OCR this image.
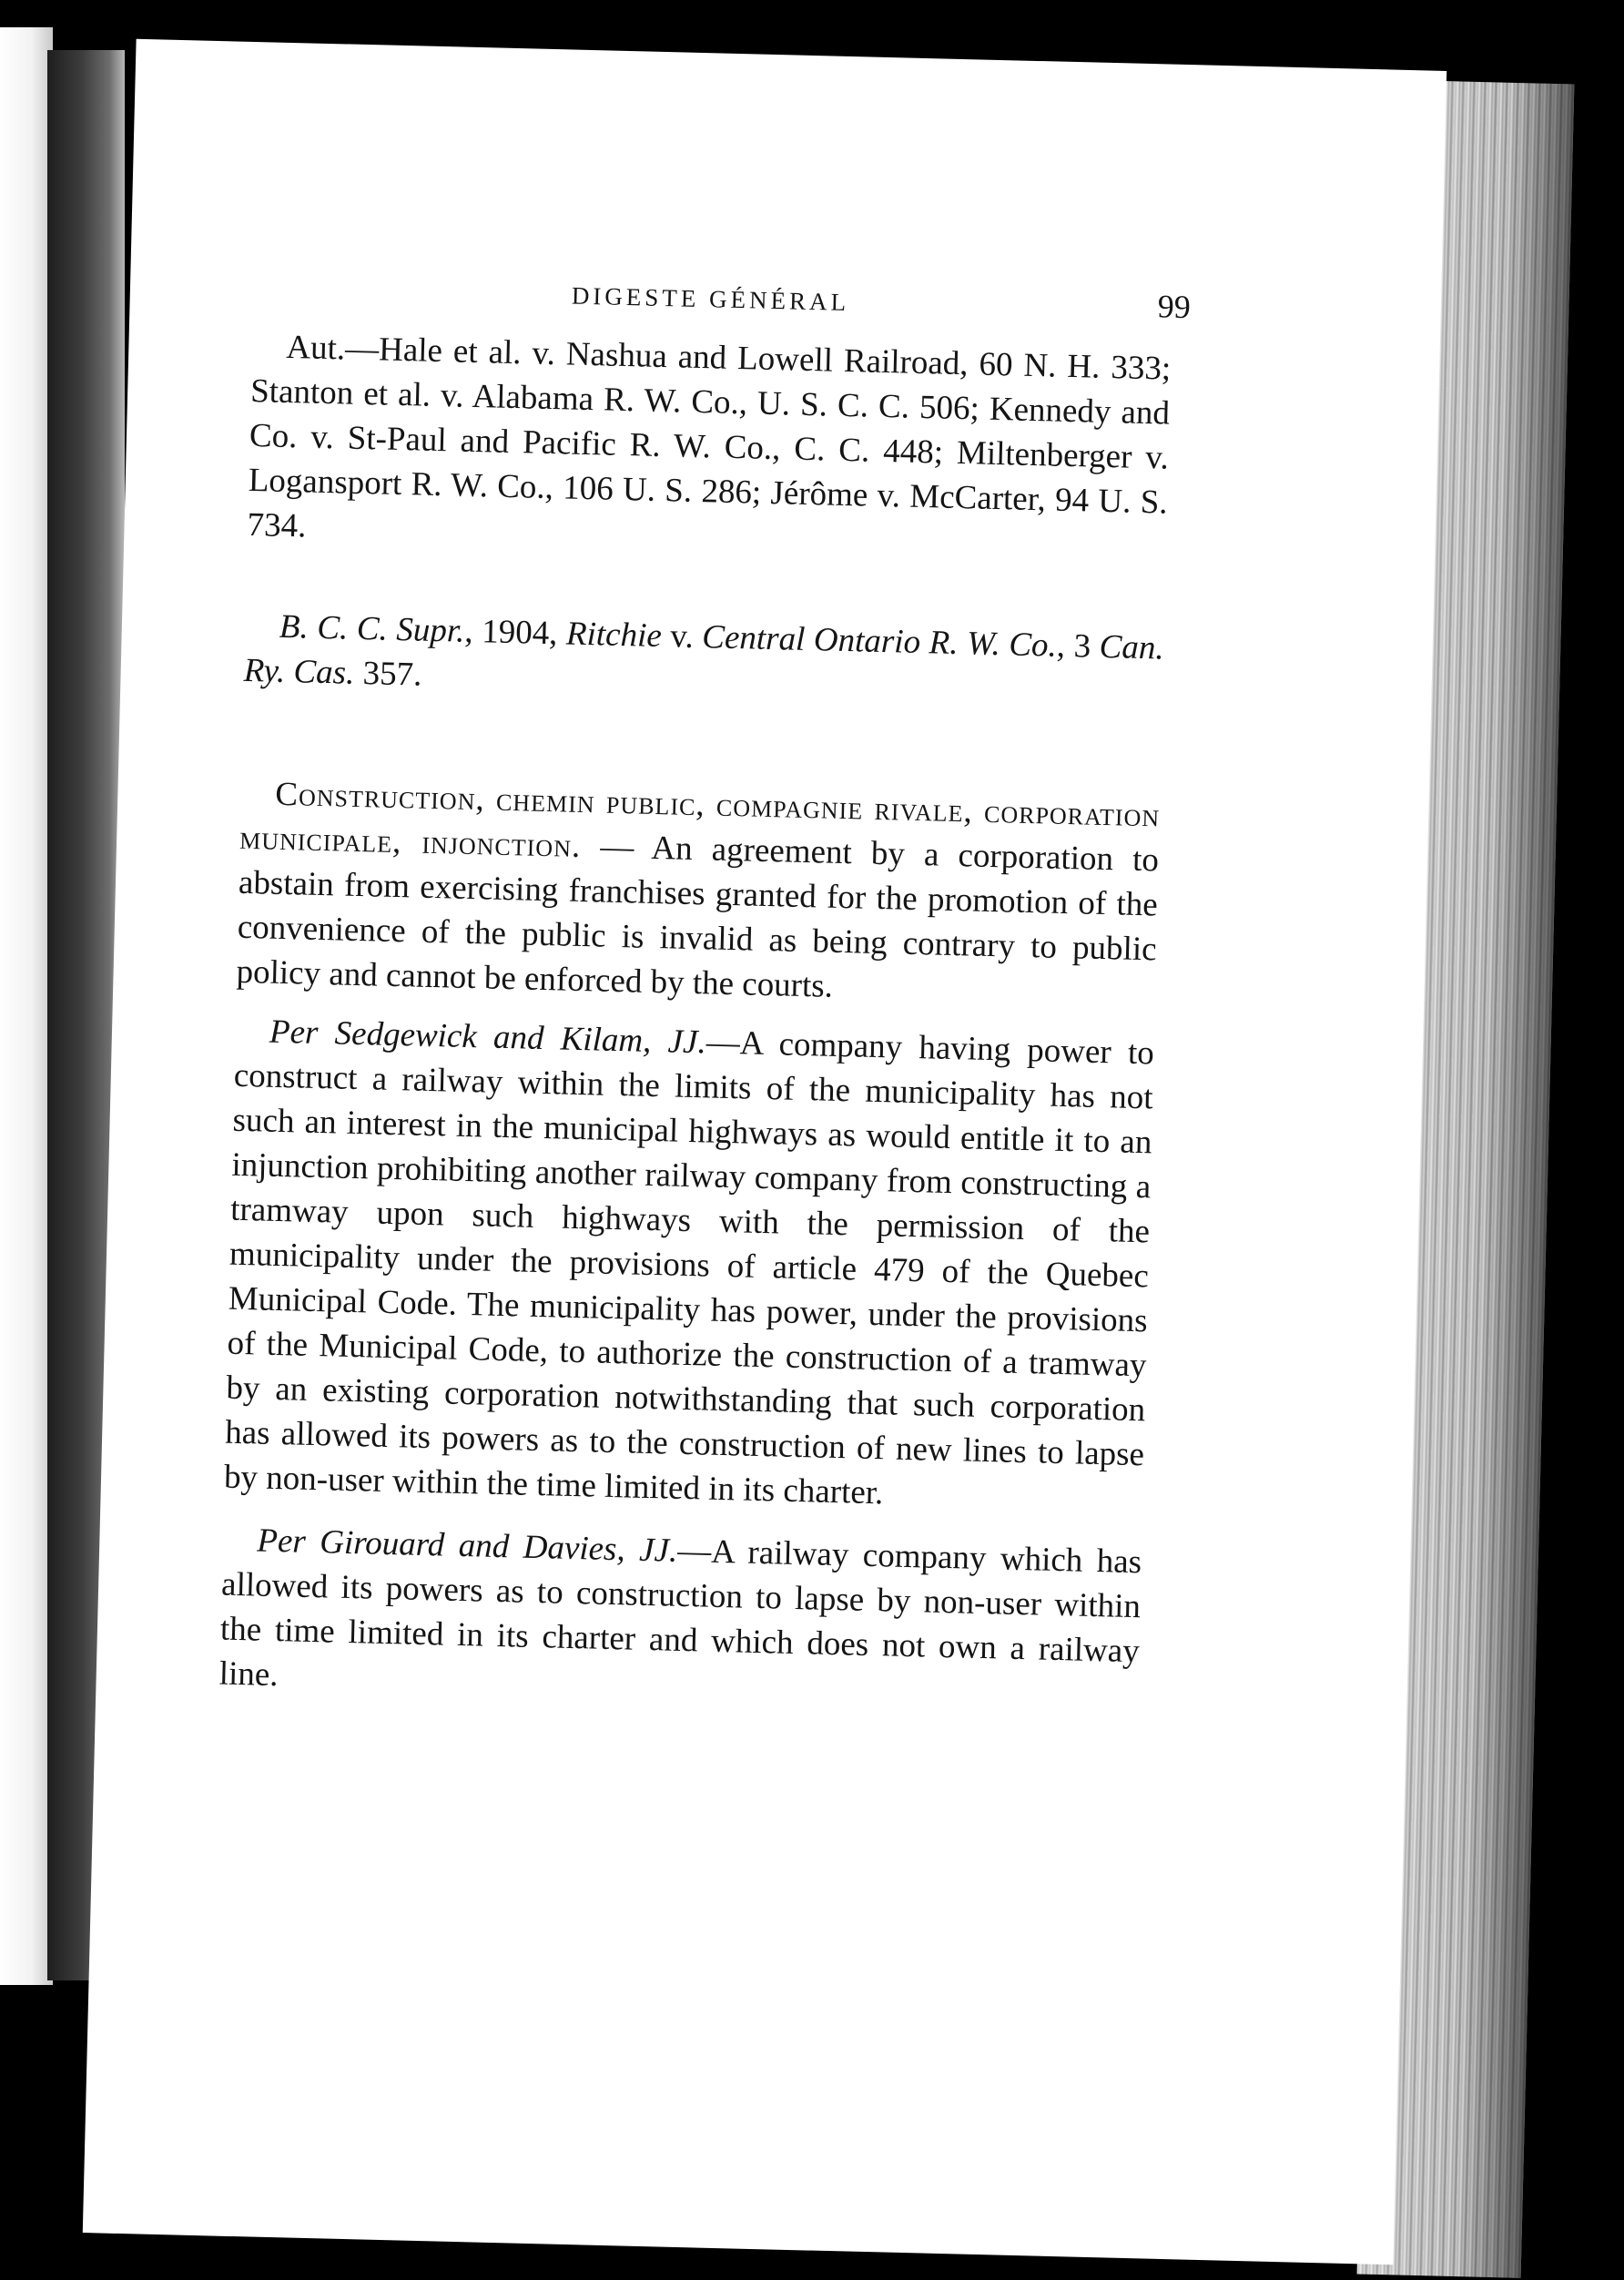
DIGESTE GÉNÉRAL	99

Aut.—Hale et al. v. Nashua and Lowell Railroad, 60 N. H. 333; Stanton et al. v. Alabama R. W. Co., U. S. C. C. 506; Kennedy and Co. v. St-Paul and Pacific R. W. Co., C. C. 448; Miltenberger v. Logansport R. W. Co., 106 U. S. 286; Jérôme v. McCarter, 94 U. S. 734.

B. C. C. Supr., 1904, Ritchie v. Central Ontario R. W. Co., 3 Can. Ry. Cas. 357.

Construction, chemin public, compagnie rivale, corporation municipale, injonction. — An agreement by a corporation to abstain from exercising franchises granted for the promotion of the convenience of the public is invalid as being contrary to public policy and cannot be enforced by the courts.

Per Sedgewick and Kilam, JJ.—A company having power to construct a railway within the limits of the municipality has not such an interest in the municipal highways as would entitle it to an injunction prohibiting another railway company from constructing a tramway upon such highways with the permission of the municipality under the provisions of article 479 of the Quebec Municipal Code. The municipality has power, under the provisions of the Municipal Code, to authorize the construction of a tramway by an existing corporation notwithstanding that such corporation has allowed its powers as to the construction of new lines to lapse by non-user within the time limited in its charter.

Per Girouard and Davies, JJ.—A railway company which has allowed its powers as to construction to lapse by non-user within the time limited in its charter and which does not own a railway line.
